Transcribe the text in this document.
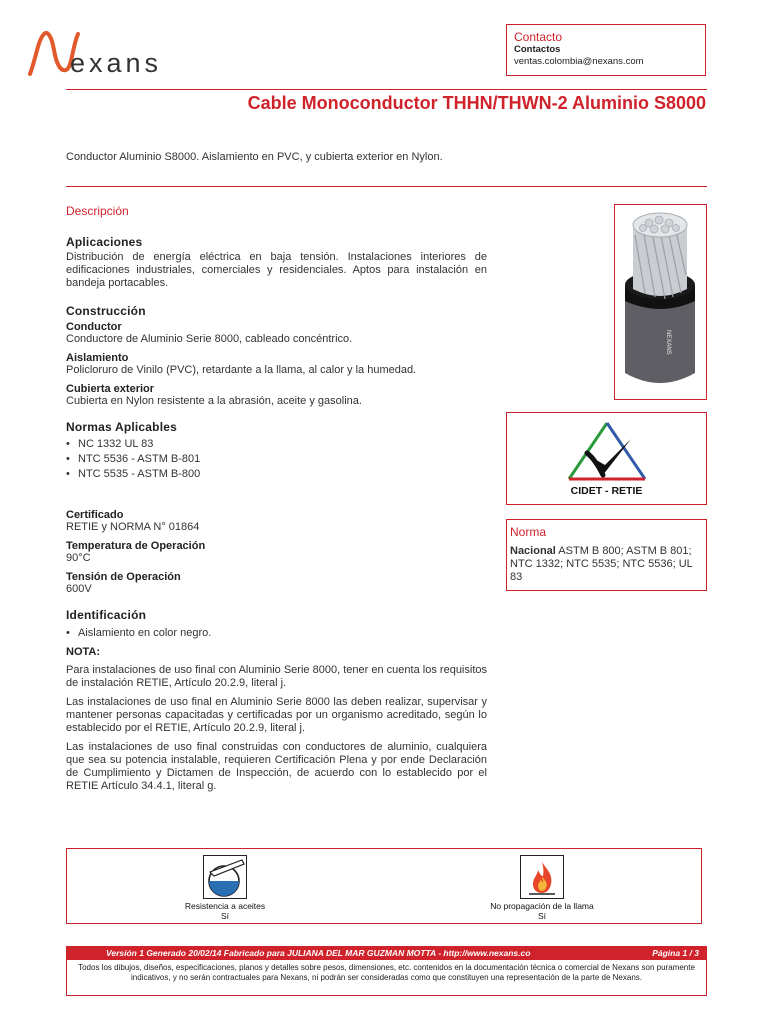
exans
Contacto
Contactos
ventas.colombia@nexans.com
Cable Monoconductor THHN/THWN-2 Aluminio S8000
Conductor Aluminio S8000. Aislamiento en PVC, y cubierta exterior en Nylon.
Descripción
Aplicaciones
Distribución de energía eléctrica en baja tensión. Instalaciones interiores de edificaciones industriales, comerciales y residenciales. Aptos para instalación en bandeja portacables.
Construcción
Conductor
Conductore de Aluminio Serie 8000, cableado concéntrico.
Aislamiento
Policloruro de Vinilo (PVC), retardante a la llama, al calor y la humedad.
Cubierta exterior
Cubierta en Nylon resistente a la abrasión, aceite y gasolina.
Normas Aplicables
• NC 1332 UL 83
• NTC 5536 - ASTM B-801
• NTC 5535 - ASTM B-800
Certificado
RETIE y NORMA N° 01864
Temperatura de Operación
90°C
Tensión de Operación
600V
Identificación
• Aislamiento en color negro.
NOTA:
Para instalaciones de uso final con Aluminio Serie 8000, tener en cuenta los requisitos de instalación RETIE, Artículo 20.2.9, literal j.
Las instalaciones de uso final en Aluminio Serie 8000 las deben realizar, supervisar y mantener personas capacitadas y certificadas por un organismo acreditado, según lo establecido por el RETIE, Artículo 20.2.9, literal j.
Las instalaciones de uso final construidas con conductores de aluminio, cualquiera que sea su potencia instalable, requieren Certificación Plena y por ende Declaración de Cumplimiento y Dictamen de Inspección, de acuerdo con lo establecido por el RETIE Artículo 34.4.1, literal g.
NEXANS
CIDET - RETIE
Norma
Nacional ASTM B 800; ASTM B 801; NTC 1332; NTC 5535; NTC 5536; UL 83
Resistencia a aceites
Sí
No propagación de la llama
Sí
Versión 1 Generado 20/02/14 Fabricado para JULIANA DEL MAR GUZMAN MOTTA - http://www.nexans.co	Página 1 / 3
Todos los dibujos, diseños, especificaciones, planos y detalles sobre pesos, dimensiones, etc. contenidos en la documentación técnica o comercial de Nexans son puramente indicativos, y no serán contractuales para Nexans, ni podrán ser consideradas como que constituyen una representación de la parte de Nexans.
